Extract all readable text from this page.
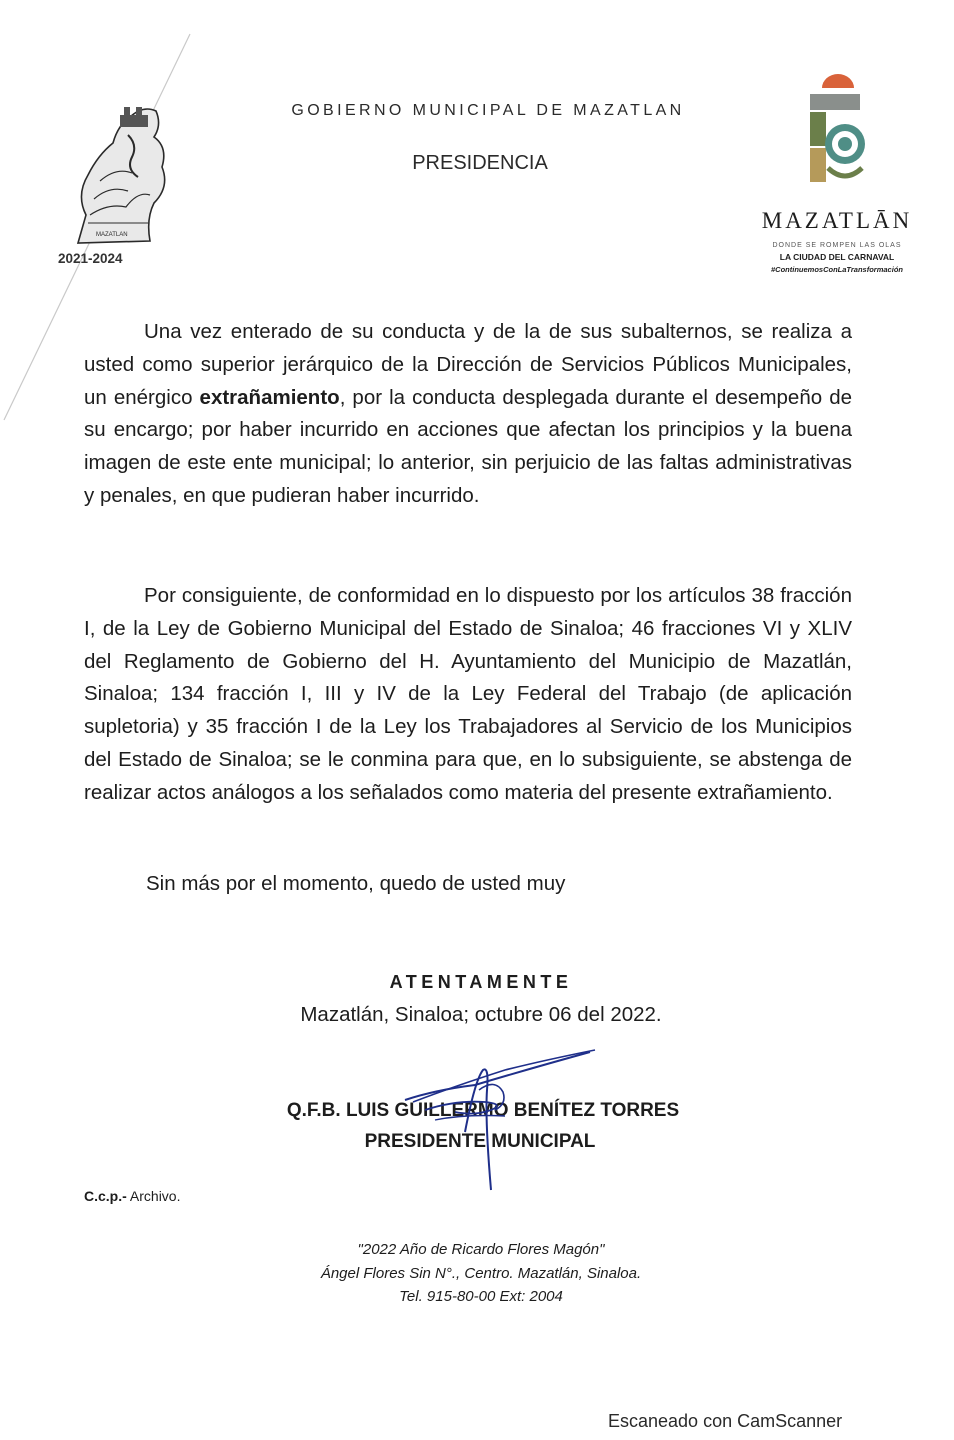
MAZATLAN
2021-2024
GOBIERNO MUNICIPAL DE MAZATLAN
PRESIDENCIA
MAZATLĀN
DONDE SE ROMPEN LAS OLAS
LA CIUDAD DEL CARNAVAL
#ContinuemosConLaTransformación

Una vez enterado de su conducta y de la de sus subalternos, se realiza a usted como superior jerárquico de la Dirección de Servicios Públicos Municipales, un enérgico extrañamiento, por la conducta desplegada durante el desempeño de su encargo; por haber incurrido en acciones que afectan los principios y la buena imagen de este ente municipal; lo anterior, sin perjuicio de las faltas administrativas y penales, en que pudieran haber incurrido.

Por consiguiente, de conformidad en lo dispuesto por los artículos 38 fracción I, de la Ley de Gobierno Municipal del Estado de Sinaloa; 46 fracciones VI y XLIV del Reglamento de Gobierno del H. Ayuntamiento del Municipio de Mazatlán, Sinaloa; 134 fracción I, III y IV de la Ley Federal del Trabajo (de aplicación supletoria) y 35 fracción I de la Ley los Trabajadores al Servicio de los Municipios del Estado de Sinaloa; se le conmina para que, en lo subsiguiente, se abstenga de realizar actos análogos a los señalados como materia del presente extrañamiento.

Sin más por el momento, quedo de usted muy
ATENTAMENTE
Mazatlán, Sinaloa; octubre 06 del 2022.
Q.F.B. LUIS GUILLERMO BENÍTEZ TORRES
PRESIDENTE MUNICIPAL
C.c.p.- Archivo.
"2022 Año de Ricardo Flores Magón"
Ángel Flores Sin N°., Centro. Mazatlán, Sinaloa.
Tel. 915-80-00 Ext: 2004
Escaneado con CamScanner
